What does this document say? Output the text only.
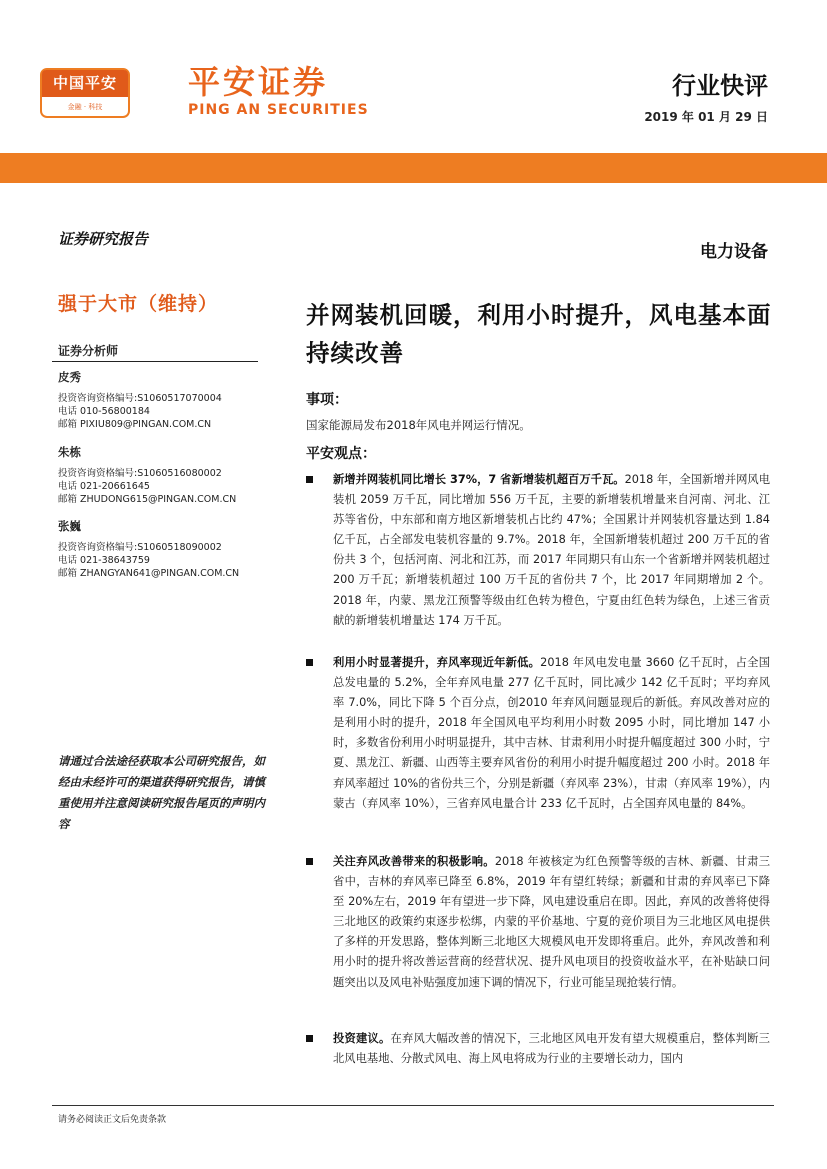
中国平安
金融 · 科技
平安证券
PING AN SECURITIES
行业快评
2019 年 01 月 29 日
证券研究报告
强于大市（维持）
证券分析师
皮秀
投资咨询资格编号:S1060517070004
电话 010-56800184
邮箱 PIXIU809@PINGAN.COM.CN
朱栋
投资咨询资格编号:S1060516080002
电话 021-20661645
邮箱 ZHUDONG615@PINGAN.COM.CN
张巍
投资咨询资格编号:S1060518090002
电话 021-38643759
邮箱 ZHANGYAN641@PINGAN.COM.CN
请通过合法途径获取本公司研究报告，如经由未经许可的渠道获得研究报告，请慎重使用并注意阅读研究报告尾页的声明内容
电力设备
并网装机回暖，利用小时提升，风电基本面持续改善
事项：
国家能源局发布2018年风电并网运行情况。
平安观点：
新增并网装机同比增长 37%，7 省新增装机超百万千瓦。2018 年，全国新增并网风电装机 2059 万千瓦，同比增加 556 万千瓦，主要的新增装机增量来自河南、河北、江苏等省份，中东部和南方地区新增装机占比约 47%；全国累计并网装机容量达到 1.84 亿千瓦，占全部发电装机容量的 9.7%。2018 年，全国新增装机超过 200 万千瓦的省份共 3 个，包括河南、河北和江苏，而 2017 年同期只有山东一个省新增并网装机超过 200 万千瓦；新增装机超过 100 万千瓦的省份共 7 个，比 2017 年同期增加 2 个。2018 年，内蒙、黑龙江预警等级由红色转为橙色，宁夏由红色转为绿色，上述三省贡献的新增装机增量达 174 万千瓦。
利用小时显著提升，弃风率现近年新低。2018 年风电发电量 3660 亿千瓦时，占全国总发电量的 5.2%，全年弃风电量 277 亿千瓦时，同比减少 142 亿千瓦时；平均弃风率 7.0%，同比下降 5 个百分点，创2010 年弃风问题显现后的新低。弃风改善对应的是利用小时的提升，2018 年全国风电平均利用小时数 2095 小时，同比增加 147 小时，多数省份利用小时明显提升，其中吉林、甘肃利用小时提升幅度超过 300 小时，宁夏、黑龙江、新疆、山西等主要弃风省份的利用小时提升幅度超过 200 小时。2018 年弃风率超过 10%的省份共三个，分别是新疆（弃风率 23%），甘肃（弃风率 19%），内蒙古（弃风率 10%），三省弃风电量合计 233 亿千瓦时，占全国弃风电量的 84%。
关注弃风改善带来的积极影响。2018 年被核定为红色预警等级的吉林、新疆、甘肃三省中，吉林的弃风率已降至 6.8%，2019 年有望红转绿；新疆和甘肃的弃风率已下降至 20%左右，2019 年有望进一步下降，风电建设重启在即。因此，弃风的改善将使得三北地区的政策约束逐步松绑，内蒙的平价基地、宁夏的竞价项目为三北地区风电提供了多样的开发思路，整体判断三北地区大规模风电开发即将重启。此外，弃风改善和利用小时的提升将改善运营商的经营状况、提升风电项目的投资收益水平，在补贴缺口问题突出以及风电补贴强度加速下调的情况下，行业可能呈现抢装行情。
投资建议。在弃风大幅改善的情况下，三北地区风电开发有望大规模重启，整体判断三北风电基地、分散式风电、海上风电将成为行业的主要增长动力，国内
请务必阅读正文后免责条款
